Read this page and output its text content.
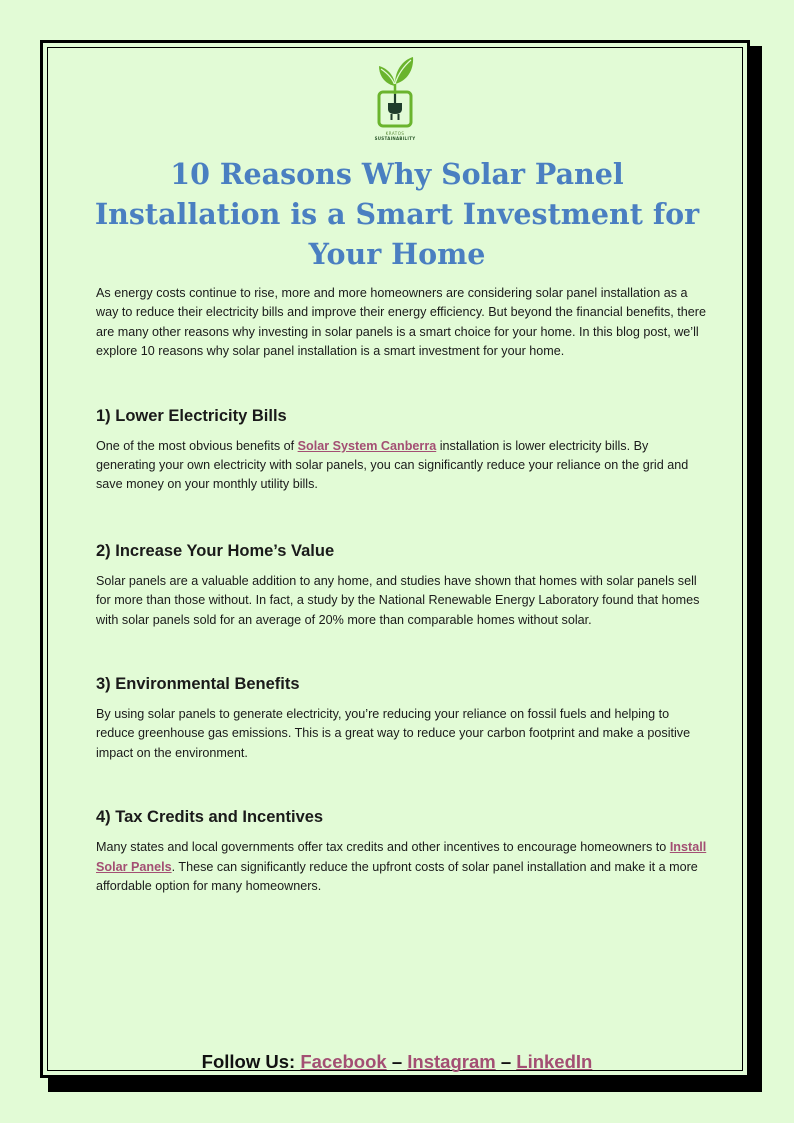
KRATOS
SUSTAINABILITY
10 Reasons Why Solar Panel Installation is a Smart Investment for Your Home

As energy costs continue to rise, more and more homeowners are considering solar panel installation as a way to reduce their electricity bills and improve their energy efficiency. But beyond the financial benefits, there are many other reasons why investing in solar panels is a smart choice for your home. In this blog post, we’ll explore 10 reasons why solar panel installation is a smart investment for your home.

1) Lower Electricity Bills

One of the most obvious benefits of Solar System Canberra installation is lower electricity bills. By generating your own electricity with solar panels, you can significantly reduce your reliance on the grid and save money on your monthly utility bills.

2) Increase Your Home’s Value

Solar panels are a valuable addition to any home, and studies have shown that homes with solar panels sell for more than those without. In fact, a study by the National Renewable Energy Laboratory found that homes with solar panels sold for an average of 20% more than comparable homes without solar.

3) Environmental Benefits

By using solar panels to generate electricity, you’re reducing your reliance on fossil fuels and helping to reduce greenhouse gas emissions. This is a great way to reduce your carbon footprint and make a positive impact on the environment.

4) Tax Credits and Incentives

Many states and local governments offer tax credits and other incentives to encourage homeowners to Install Solar Panels. These can significantly reduce the upfront costs of solar panel installation and make it a more affordable option for many homeowners.

Follow Us: Facebook – Instagram – LinkedIn
